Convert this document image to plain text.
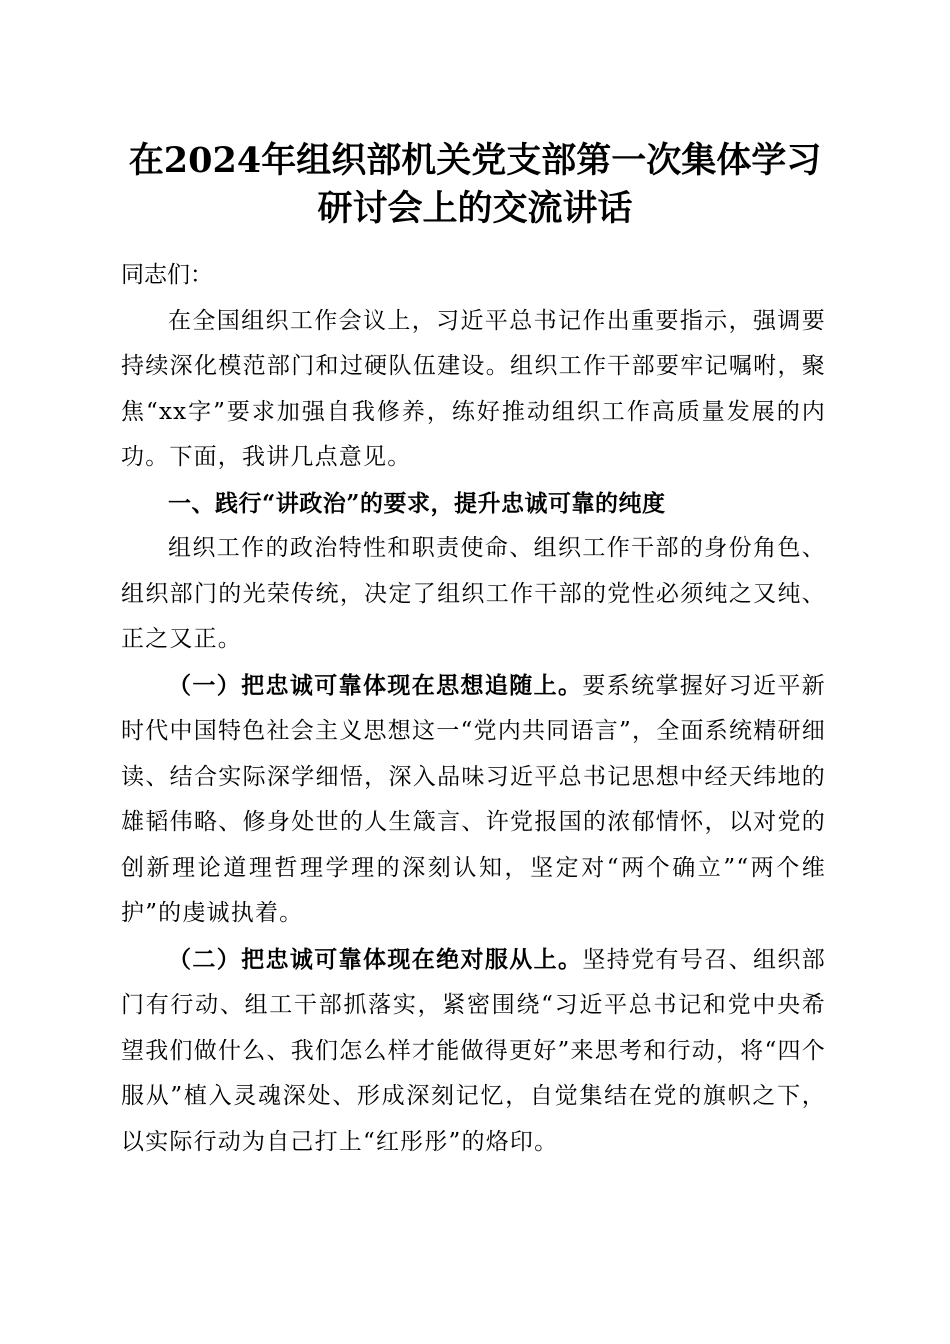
在2024年组织部机关党支部第一次集体学习
研讨会上的交流讲话

同志们：

在全国组织工作会议上，习近平总书记作出重要指示，强调要持续深化模范部门和过硬队伍建设。组织工作干部要牢记嘱咐，聚焦“xx字”要求加强自我修养，练好推动组织工作高质量发展的内功。下面，我讲几点意见。

一、践行“讲政治”的要求，提升忠诚可靠的纯度

组织工作的政治特性和职责使命、组织工作干部的身份角色、组织部门的光荣传统，决定了组织工作干部的党性必须纯之又纯、正之又正。

（一）把忠诚可靠体现在思想追随上。要系统掌握好习近平新时代中国特色社会主义思想这一“党内共同语言”，全面系统精研细读、结合实际深学细悟，深入品味习近平总书记思想中经天纬地的雄韬伟略、修身处世的人生箴言、许党报国的浓郁情怀，以对党的创新理论道理哲理学理的深刻认知，坚定对“两个确立”“两个维护”的虔诚执着。

（二）把忠诚可靠体现在绝对服从上。坚持党有号召、组织部门有行动、组工干部抓落实，紧密围绕“习近平总书记和党中央希望我们做什么、我们怎么样才能做得更好”来思考和行动，将“四个服从”植入灵魂深处、形成深刻记忆，自觉集结在党的旗帜之下，以实际行动为自己打上“红彤彤”的烙印。
